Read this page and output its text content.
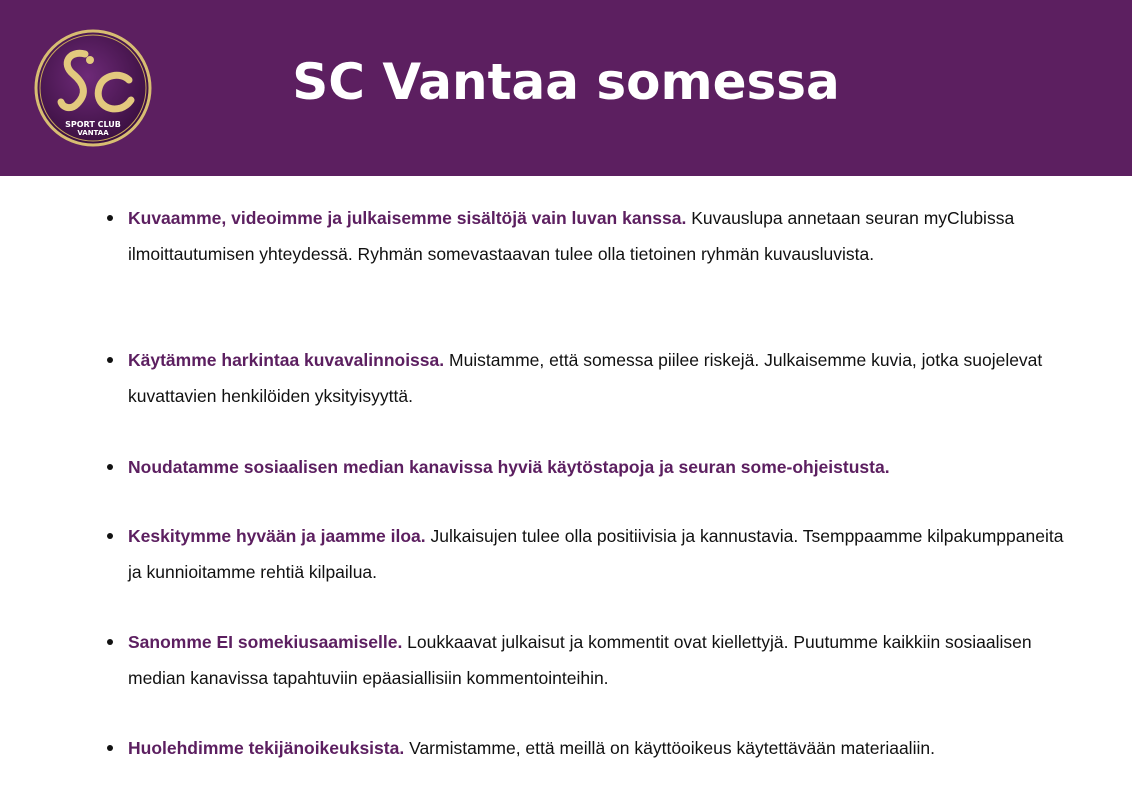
SPORT CLUB
VANTAA
SC Vantaa somessa
Kuvaamme, videoimme ja julkaisemme sisältöjä vain luvan kanssa. Kuvauslupa annetaan seuran myClubissa ilmoittautumisen yhteydessä. Ryhmän somevastaavan tulee olla tietoinen ryhmän kuvausluvista.
Käytämme harkintaa kuvavalinnoissa. Muistamme, että somessa piilee riskejä. Julkaisemme kuvia, jotka suojelevat kuvattavien henkilöiden yksityisyyttä.
Noudatamme sosiaalisen median kanavissa hyviä käytöstapoja ja seuran some-ohjeistusta.
Keskitymme hyvään ja jaamme iloa. Julkaisujen tulee olla positiivisia ja kannustavia. Tsemppaamme kilpakumppaneita ja kunnioitamme rehtiä kilpailua.
Sanomme EI somekiusaamiselle. Loukkaavat julkaisut ja kommentit ovat kiellettyjä. Puutumme kaikkiin sosiaalisen median kanavissa tapahtuviin epäasiallisiin kommentointeihin.
Huolehdimme tekijänoikeuksista. Varmistamme, että meillä on käyttöoikeus käytettävään materiaaliin.
